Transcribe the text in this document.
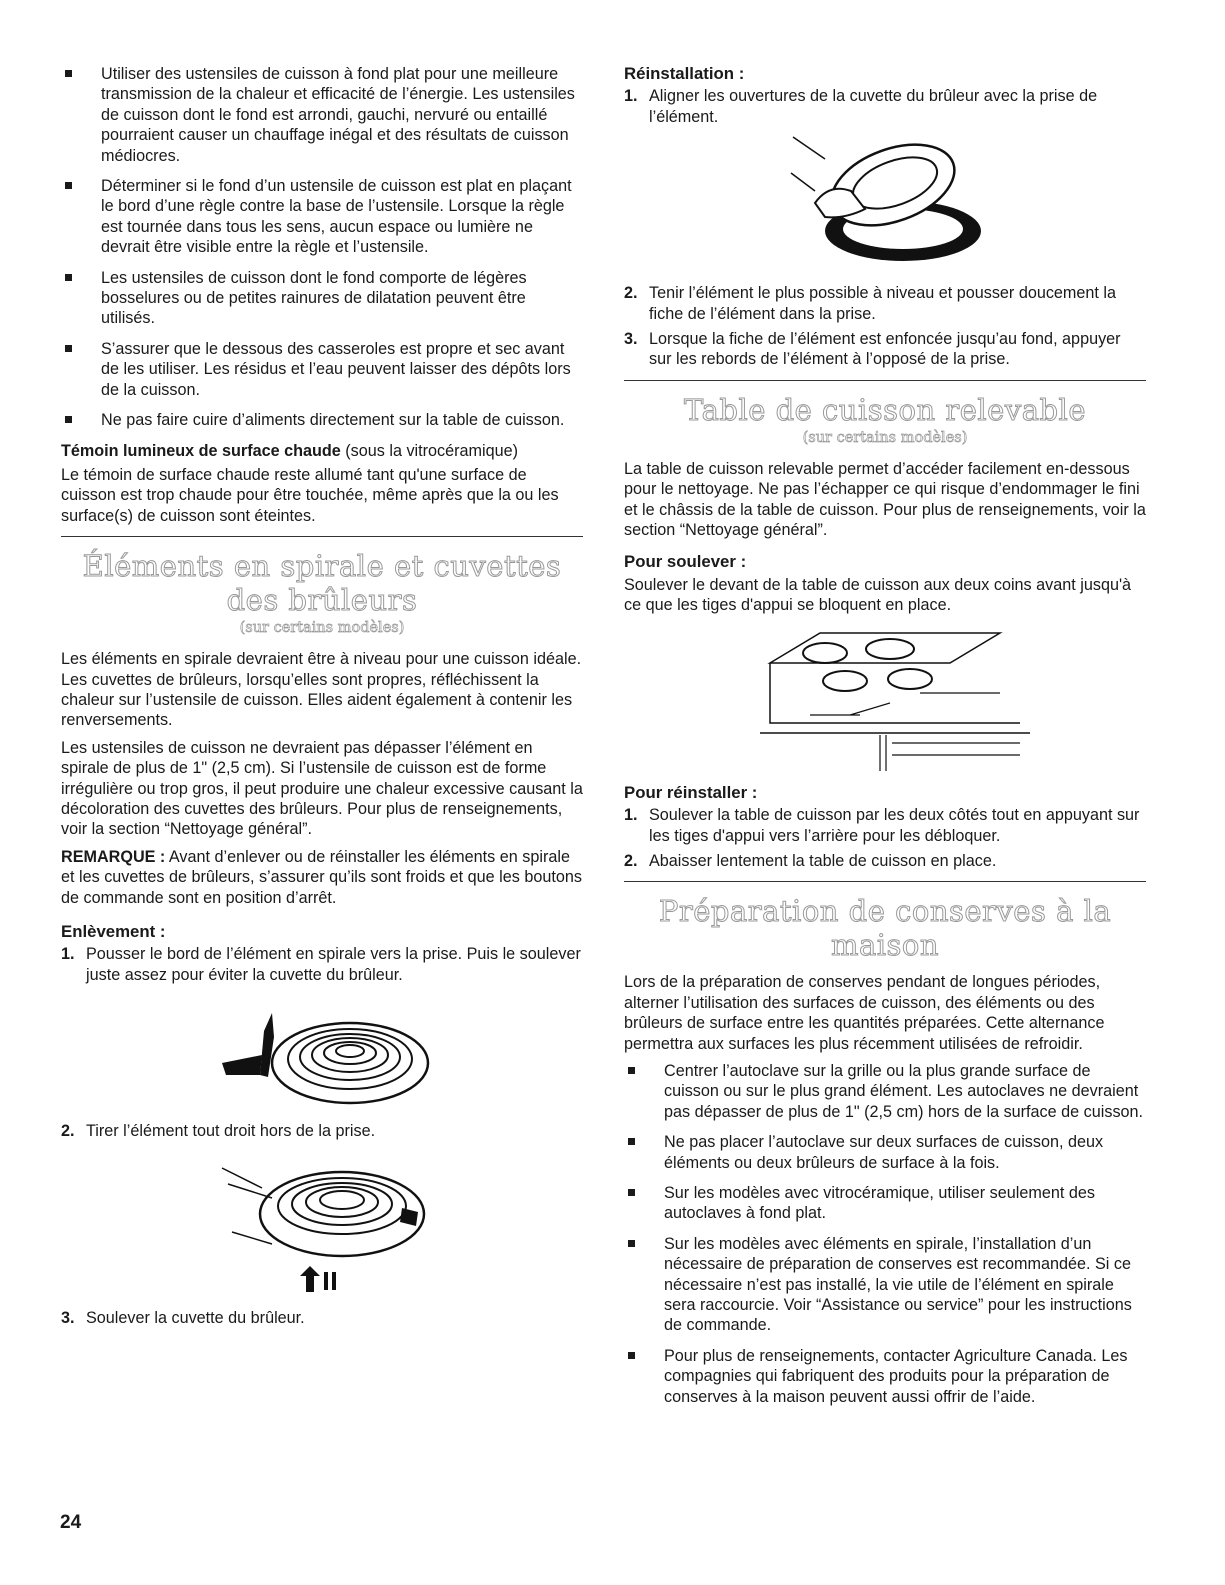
Utiliser des ustensiles de cuisson à fond plat pour une meilleure transmission de la chaleur et efficacité de l’énergie. Les ustensiles de cuisson dont le fond est arrondi, gauchi, nervuré ou entaillé pourraient causer un chauffage inégal et des résultats de cuisson médiocres.
Déterminer si le fond d’un ustensile de cuisson est plat en plaçant le bord d’une règle contre la base de l’ustensile. Lorsque la règle est tournée dans tous les sens, aucun espace ou lumière ne devrait être visible entre la règle et l’ustensile.
Les ustensiles de cuisson dont le fond comporte de légères bosselures ou de petites rainures de dilatation peuvent être utilisés.
S’assurer que le dessous des casseroles est propre et sec avant de les utiliser. Les résidus et l’eau peuvent laisser des dépôts lors de la cuisson.
Ne pas faire cuire d’aliments directement sur la table de cuisson.

Témoin lumineux de surface chaude (sous la vitrocéramique)

Le témoin de surface chaude reste allumé tant qu'une surface de cuisson est trop chaude pour être touchée, même après que la ou les surface(s) de cuisson sont éteintes.

Éléments en spirale et cuvettes des brûleurs
(sur certains modèles)

Les éléments en spirale devraient être à niveau pour une cuisson idéale. Les cuvettes de brûleurs, lorsqu’elles sont propres, réfléchissent la chaleur sur l’ustensile de cuisson. Elles aident également à contenir les renversements.

Les ustensiles de cuisson ne devraient pas dépasser l’élément en spirale de plus de 1" (2,5 cm). Si l’ustensile de cuisson est de forme irrégulière ou trop gros, il peut produire une chaleur excessive causant la décoloration des cuvettes des brûleurs. Pour plus de renseignements, voir la section “Nettoyage général”.

REMARQUE : Avant d’enlever ou de réinstaller les éléments en spirale et les cuvettes de brûleurs, s’assurer qu’ils sont froids et que les boutons de commande sont en position d’arrêt.

Enlèvement :
1. Pousser le bord de l’élément en spirale vers la prise. Puis le soulever juste assez pour éviter la cuvette du brûleur.
2. Tirer l’élément tout droit hors de la prise.
3. Soulever la cuvette du brûleur.
Réinstallation :
1. Aligner les ouvertures de la cuvette du brûleur avec la prise de l’élément.
2. Tenir l’élément le plus possible à niveau et pousser doucement la fiche de l’élément dans la prise.
3. Lorsque la fiche de l’élément est enfoncée jusqu’au fond, appuyer sur les rebords de l’élément à l’opposé de la prise.
Table de cuisson relevable
(sur certains modèles)

La table de cuisson relevable permet d’accéder facilement en-dessous pour le nettoyage. Ne pas l’échapper ce qui risque d’endommager le fini et le châssis de la table de cuisson. Pour plus de renseignements, voir la section “Nettoyage général”.

Pour soulever :

Soulever le devant de la table de cuisson aux deux coins avant jusqu'à ce que les tiges d'appui se bloquent en place.

Pour réinstaller :
1. Soulever la table de cuisson par les deux côtés tout en appuyant sur les tiges d'appui vers l’arrière pour les débloquer.
2. Abaisser lentement la table de cuisson en place.
Préparation de conserves à la maison

Lors de la préparation de conserves pendant de longues périodes, alterner l’utilisation des surfaces de cuisson, des éléments ou des brûleurs de surface entre les quantités préparées. Cette alternance permettra aux surfaces les plus récemment utilisées de refroidir.

Centrer l’autoclave sur la grille ou la plus grande surface de cuisson ou sur le plus grand élément. Les autoclaves ne devraient pas dépasser de plus de 1" (2,5 cm) hors de la surface de cuisson.
Ne pas placer l’autoclave sur deux surfaces de cuisson, deux éléments ou deux brûleurs de surface à la fois.
Sur les modèles avec vitrocéramique, utiliser seulement des autoclaves à fond plat.
Sur les modèles avec éléments en spirale, l’installation d’un nécessaire de préparation de conserves est recommandée. Si ce nécessaire n’est pas installé, la vie utile de l’élément en spirale sera raccourcie. Voir “Assistance ou service” pour les instructions de commande.
Pour plus de renseignements, contacter Agriculture Canada. Les compagnies qui fabriquent des produits pour la préparation de conserves à la maison peuvent aussi offrir de l’aide.
24
